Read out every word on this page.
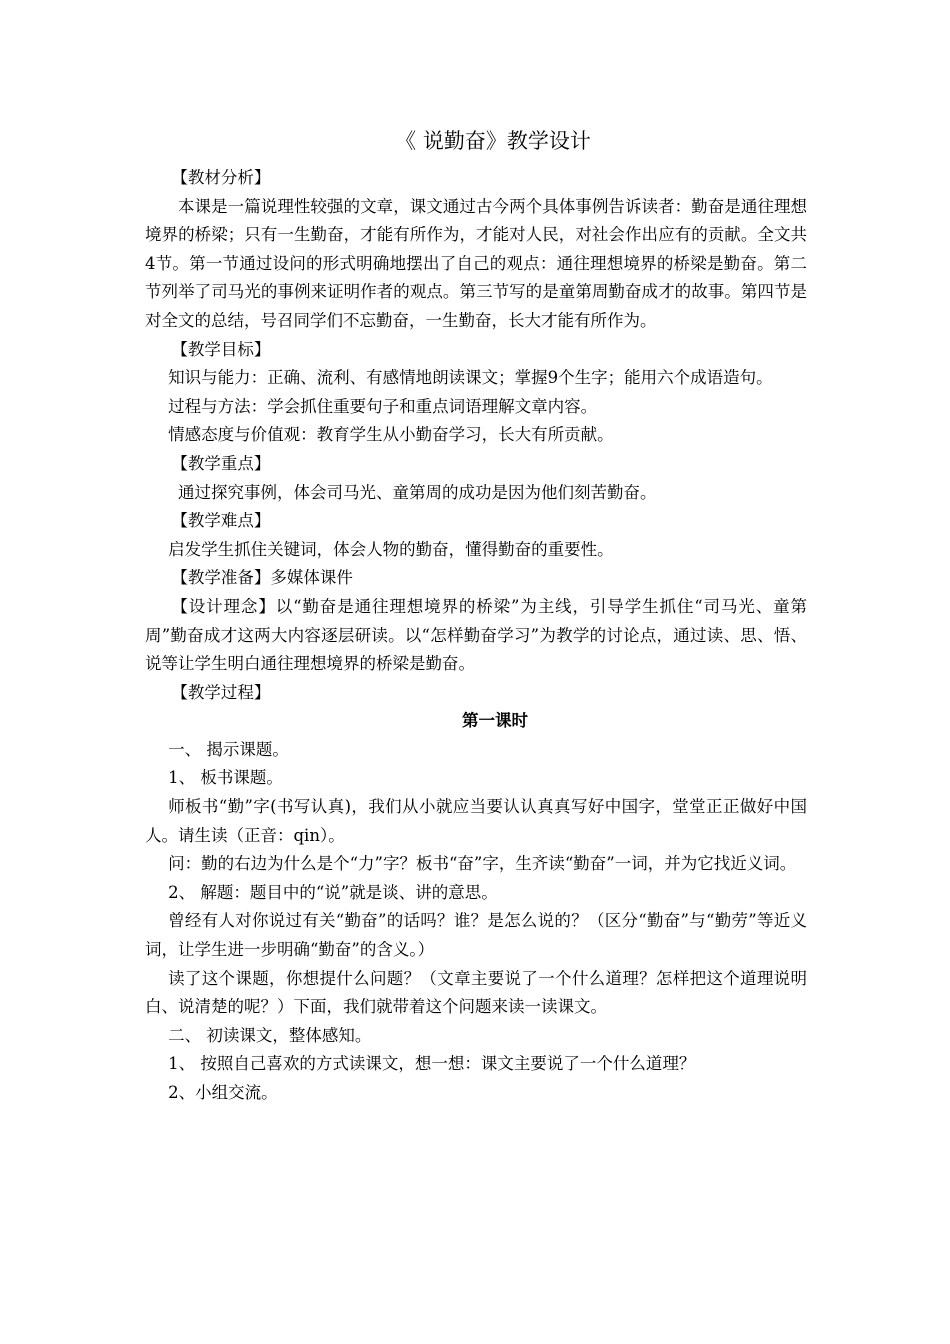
《 说勤奋》教学设计

【教材分析】

本课是一篇说理性较强的文章，课文通过古今两个具体事例告诉读者：勤奋是通往理想境界的桥梁；只有一生勤奋，才能有所作为，才能对人民，对社会作出应有的贡献。全文共4节。第一节通过设问的形式明确地摆出了自己的观点：通往理想境界的桥梁是勤奋。第二节列举了司马光的事例来证明作者的观点。第三节写的是童第周勤奋成才的故事。第四节是对全文的总结，号召同学们不忘勤奋，一生勤奋，长大才能有所作为。

【教学目标】

知识与能力：正确、流利、有感情地朗读课文；掌握9个生字；能用六个成语造句。

过程与方法：学会抓住重要句子和重点词语理解文章内容。

情感态度与价值观：教育学生从小勤奋学习，长大有所贡献。

【教学重点】

通过探究事例，体会司马光、童第周的成功是因为他们刻苦勤奋。

【教学难点】

启发学生抓住关键词，体会人物的勤奋，懂得勤奋的重要性。

【教学准备】多媒体课件

【设计理念】以“勤奋是通往理想境界的桥梁”为主线，引导学生抓住“司马光、童第周”勤奋成才这两大内容逐层研读。以“怎样勤奋学习”为教学的讨论点，通过读、思、悟、说等让学生明白通往理想境界的桥梁是勤奋。

【教学过程】

第一课时

一、 揭示课题。

1、 板书课题。

师板书“勤”字(书写认真)，我们从小就应当要认认真真写好中国字，堂堂正正做好中国人。请生读（正音：qin）。

问：勤的右边为什么是个“力”字？板书“奋”字，生齐读“勤奋”一词，并为它找近义词。

2、 解题：题目中的“说”就是谈、讲的意思。

曾经有人对你说过有关“勤奋”的话吗？谁？是怎么说的？（区分“勤奋”与“勤劳”等近义词，让学生进一步明确“勤奋”的含义。）

读了这个课题，你想提什么问题？（文章主要说了一个什么道理？怎样把这个道理说明白、说清楚的呢？）下面，我们就带着这个问题来读一读课文。

二、 初读课文，整体感知。

1、 按照自己喜欢的方式读课文，想一想：课文主要说了一个什么道理？

2、小组交流。
